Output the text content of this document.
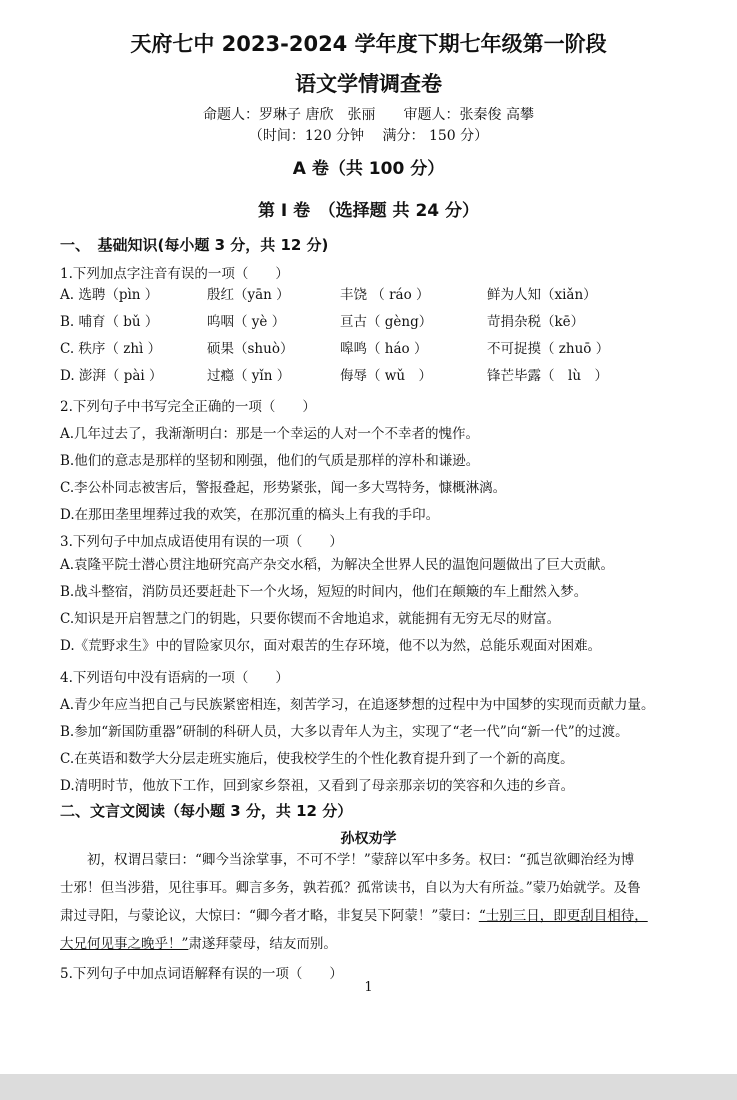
天府七中 2023-2024 学年度下期七年级第一阶段
语文学情调查卷
命题人：罗琳子 唐欣　张丽　　审题人：张秦俊 高攀
（时间：120 分钟　 满分： 150 分）
A 卷（共 100 分）
第 Ⅰ 卷　（选择题 共 24 分）
一、　基础知识(每小题 3 分，共 12 分)
1.下列加点字注音有误的一项（　　）
A. 选聘（pìn ）	殷红（yān ）	丰饶 （ ráo ）	鲜为人知（xiǎn）
B. 哺育（ bǔ ）	呜咽（ yè ）	亘古（ gèng）	苛捐杂税（kē）
C. 秩序（ zhì ）	硕果（shuò）	嗥鸣（ háo ）	不可捉摸（ zhuō ）
D. 澎湃（ pài ）	过瘾（ yǐn ）	侮辱（ wǔ　）	锋芒毕露（　lù　）
2.下列句子中书写完全正确的一项（　　）
A.几年过去了，我渐渐明白：那是一个幸运的人对一个不幸者的愧作。
B.他们的意志是那样的坚韧和刚强，他们的气质是那样的淳朴和谦逊。
C.李公朴同志被害后，警报叠起，形势紧张，闻一多大骂特务，慷概淋漓。
D.在那田垄里埋葬过我的欢笑，在那沉重的槁头上有我的手印。
3.下列句子中加点成语使用有误的一项（　　）
A.袁隆平院士潜心贯注地研究高产杂交水稻，为解决全世界人民的温饱问题做出了巨大贡献。
B.战斗整宿，消防员还要赶赴下一个火场，短短的时间内，他们在颠簸的车上酣然入梦。
C.知识是开启智慧之门的钥匙，只要你锲而不舍地追求，就能拥有无穷无尽的财富。
D.《荒野求生》中的冒险家贝尔，面对艰苦的生存环境，他不以为然，总能乐观面对困难。
4.下列语句中没有语病的一项（　　）
A.青少年应当把自己与民族紧密相连，刻苦学习，在追逐梦想的过程中为中国梦的实现而贡献力量。
B.参加“新国防重器”研制的科研人员，大多以青年人为主，实现了“老一代”向“新一代”的过渡。
C.在英语和数学大分层走班实施后，使我校学生的个性化教育提升到了一个新的高度。
D.清明时节，他放下工作，回到家乡祭祖，又看到了母亲那亲切的笑容和久违的乡音。
二、文言文阅读（每小题 3 分，共 12 分）
孙权劝学
初，权谓吕蒙曰：“卿今当涂掌事，不可不学！”蒙辞以军中多务。权曰：“孤岂欲卿治经为博
士邪！但当涉猎，见往事耳。卿言多务，孰若孤？孤常读书，自以为大有所益。”蒙乃始就学。及鲁
肃过寻阳，与蒙论议，大惊曰：“卿今者才略，非复吴下阿蒙！”蒙曰：“士别三日，即更刮目相待，
大兄何见事之晚乎！”肃遂拜蒙母，结友而别。
5.下列句子中加点词语解释有误的一项（　　）
1
